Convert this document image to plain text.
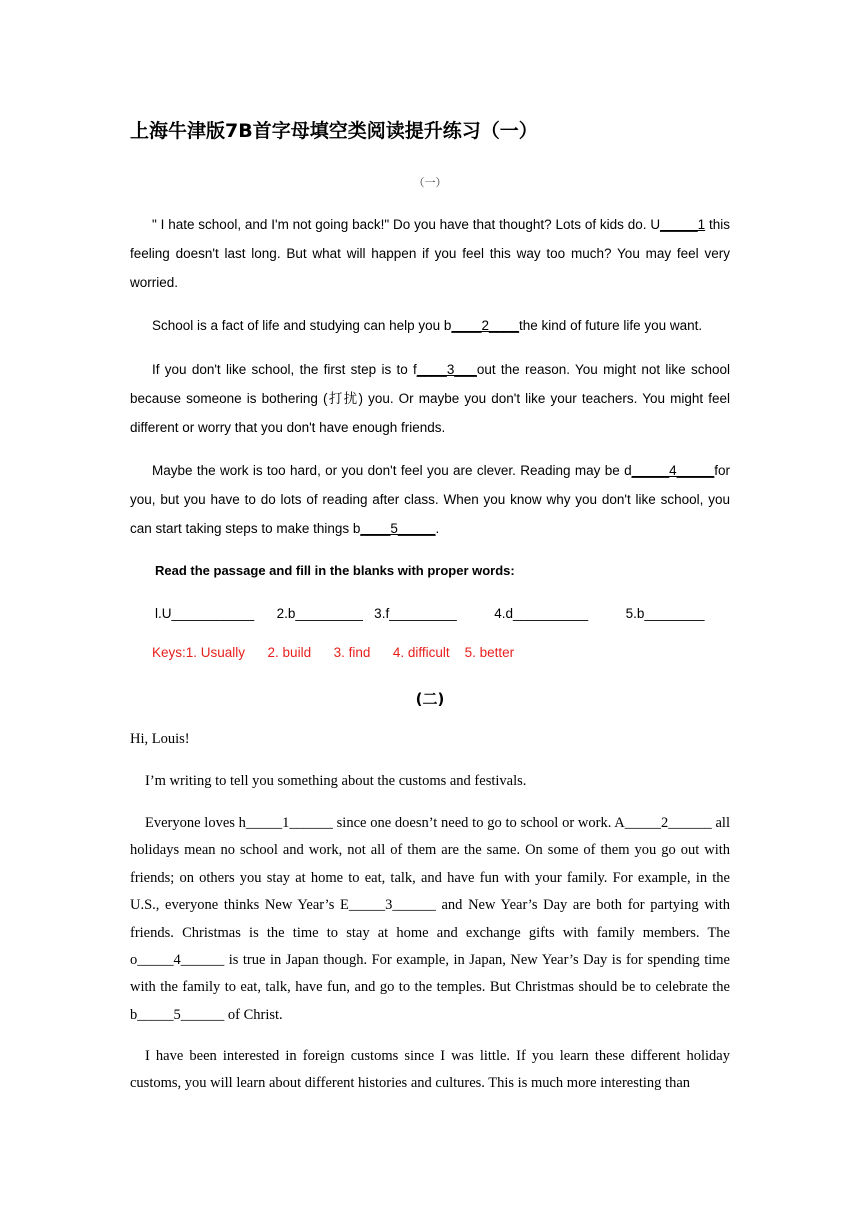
上海牛津版7B首字母填空类阅读提升练习（一）
（一）
" I hate school, and I'm not going back!" Do you have that thought? Lots of kids do. U_____1 this feeling doesn't last long. But what will happen if you feel this way too much? You may feel very worried.
School is a fact of life and studying can help you b____2____the kind of future life you want.
If you don't like school, the first step is to f____3___out the reason. You might not like school because someone is bothering (打扰) you. Or maybe you don't like your teachers. You might feel different or worry that you don't have enough friends.
Maybe the work is too hard, or you don't feel you are clever. Reading may be d_____4_____for you, but you have to do lots of reading after class. When you know why you don't like school, you can start taking steps to make things b____5_____.
Read the passage and fill in the blanks with proper words:
l.U___________      2.b_________   3.f_________          4.d__________          5.b________
Keys:1. Usually      2. build      3. find      4. difficult    5. better
(二)
Hi, Louis!
I’m writing to tell you something about the customs and festivals.
Everyone loves h_____1______ since one doesn’t need to go to school or work. A_____2______ all holidays mean no school and work, not all of them are the same. On some of them you go out with friends; on others you stay at home to eat, talk, and have fun with your family. For example, in the U.S., everyone thinks New Year’s E_____3______ and New Year’s Day are both for partying with friends. Christmas is the time to stay at home and exchange gifts with family members. The o_____4______ is true in Japan though. For example, in Japan, New Year’s Day is for spending time with the family to eat, talk, have fun, and go to the temples. But Christmas should be to celebrate the b_____5______ of Christ.
I have been interested in foreign customs since I was little. If you learn these different holiday customs, you will learn about different histories and cultures. This is much more interesting than
